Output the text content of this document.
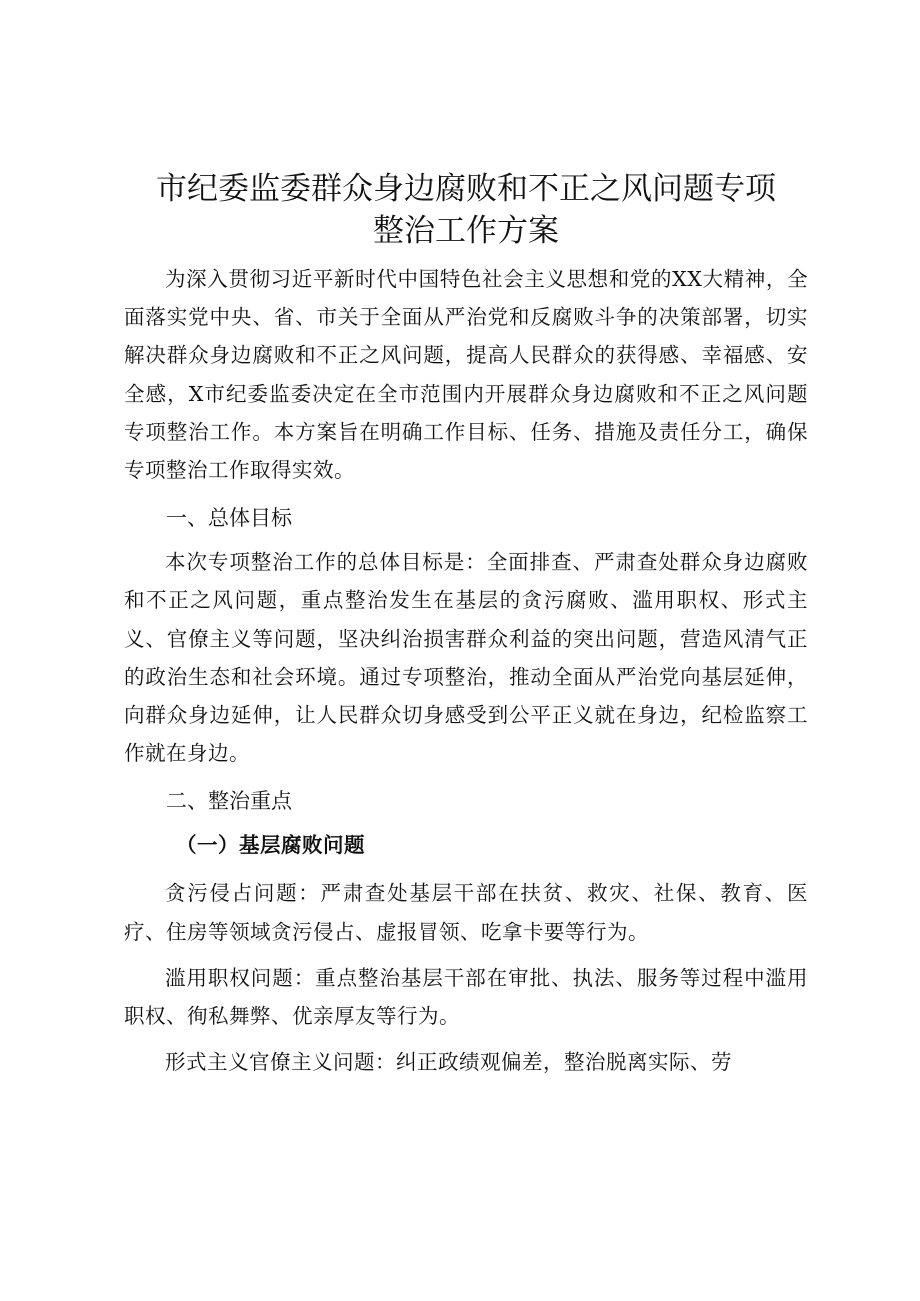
市纪委监委群众身边腐败和不正之风问题专项
整治工作方案

为深入贯彻习近平新时代中国特色社会主义思想和党的XX大精神，全面落实党中央、省、市关于全面从严治党和反腐败斗争的决策部署，切实解决群众身边腐败和不正之风问题，提高人民群众的获得感、幸福感、安全感，X市纪委监委决定在全市范围内开展群众身边腐败和不正之风问题专项整治工作。本方案旨在明确工作目标、任务、措施及责任分工，确保专项整治工作取得实效。

一、总体目标

本次专项整治工作的总体目标是：全面排查、严肃查处群众身边腐败和不正之风问题，重点整治发生在基层的贪污腐败、滥用职权、形式主义、官僚主义等问题，坚决纠治损害群众利益的突出问题，营造风清气正的政治生态和社会环境。通过专项整治，推动全面从严治党向基层延伸，向群众身边延伸，让人民群众切身感受到公平正义就在身边，纪检监察工作就在身边。

二、整治重点
（一）基层腐败问题

贪污侵占问题：严肃查处基层干部在扶贫、救灾、社保、教育、医疗、住房等领域贪污侵占、虚报冒领、吃拿卡要等行为。

滥用职权问题：重点整治基层干部在审批、执法、服务等过程中滥用职权、徇私舞弊、优亲厚友等行为。

形式主义官僚主义问题：纠正政绩观偏差，整治脱离实际、劳
